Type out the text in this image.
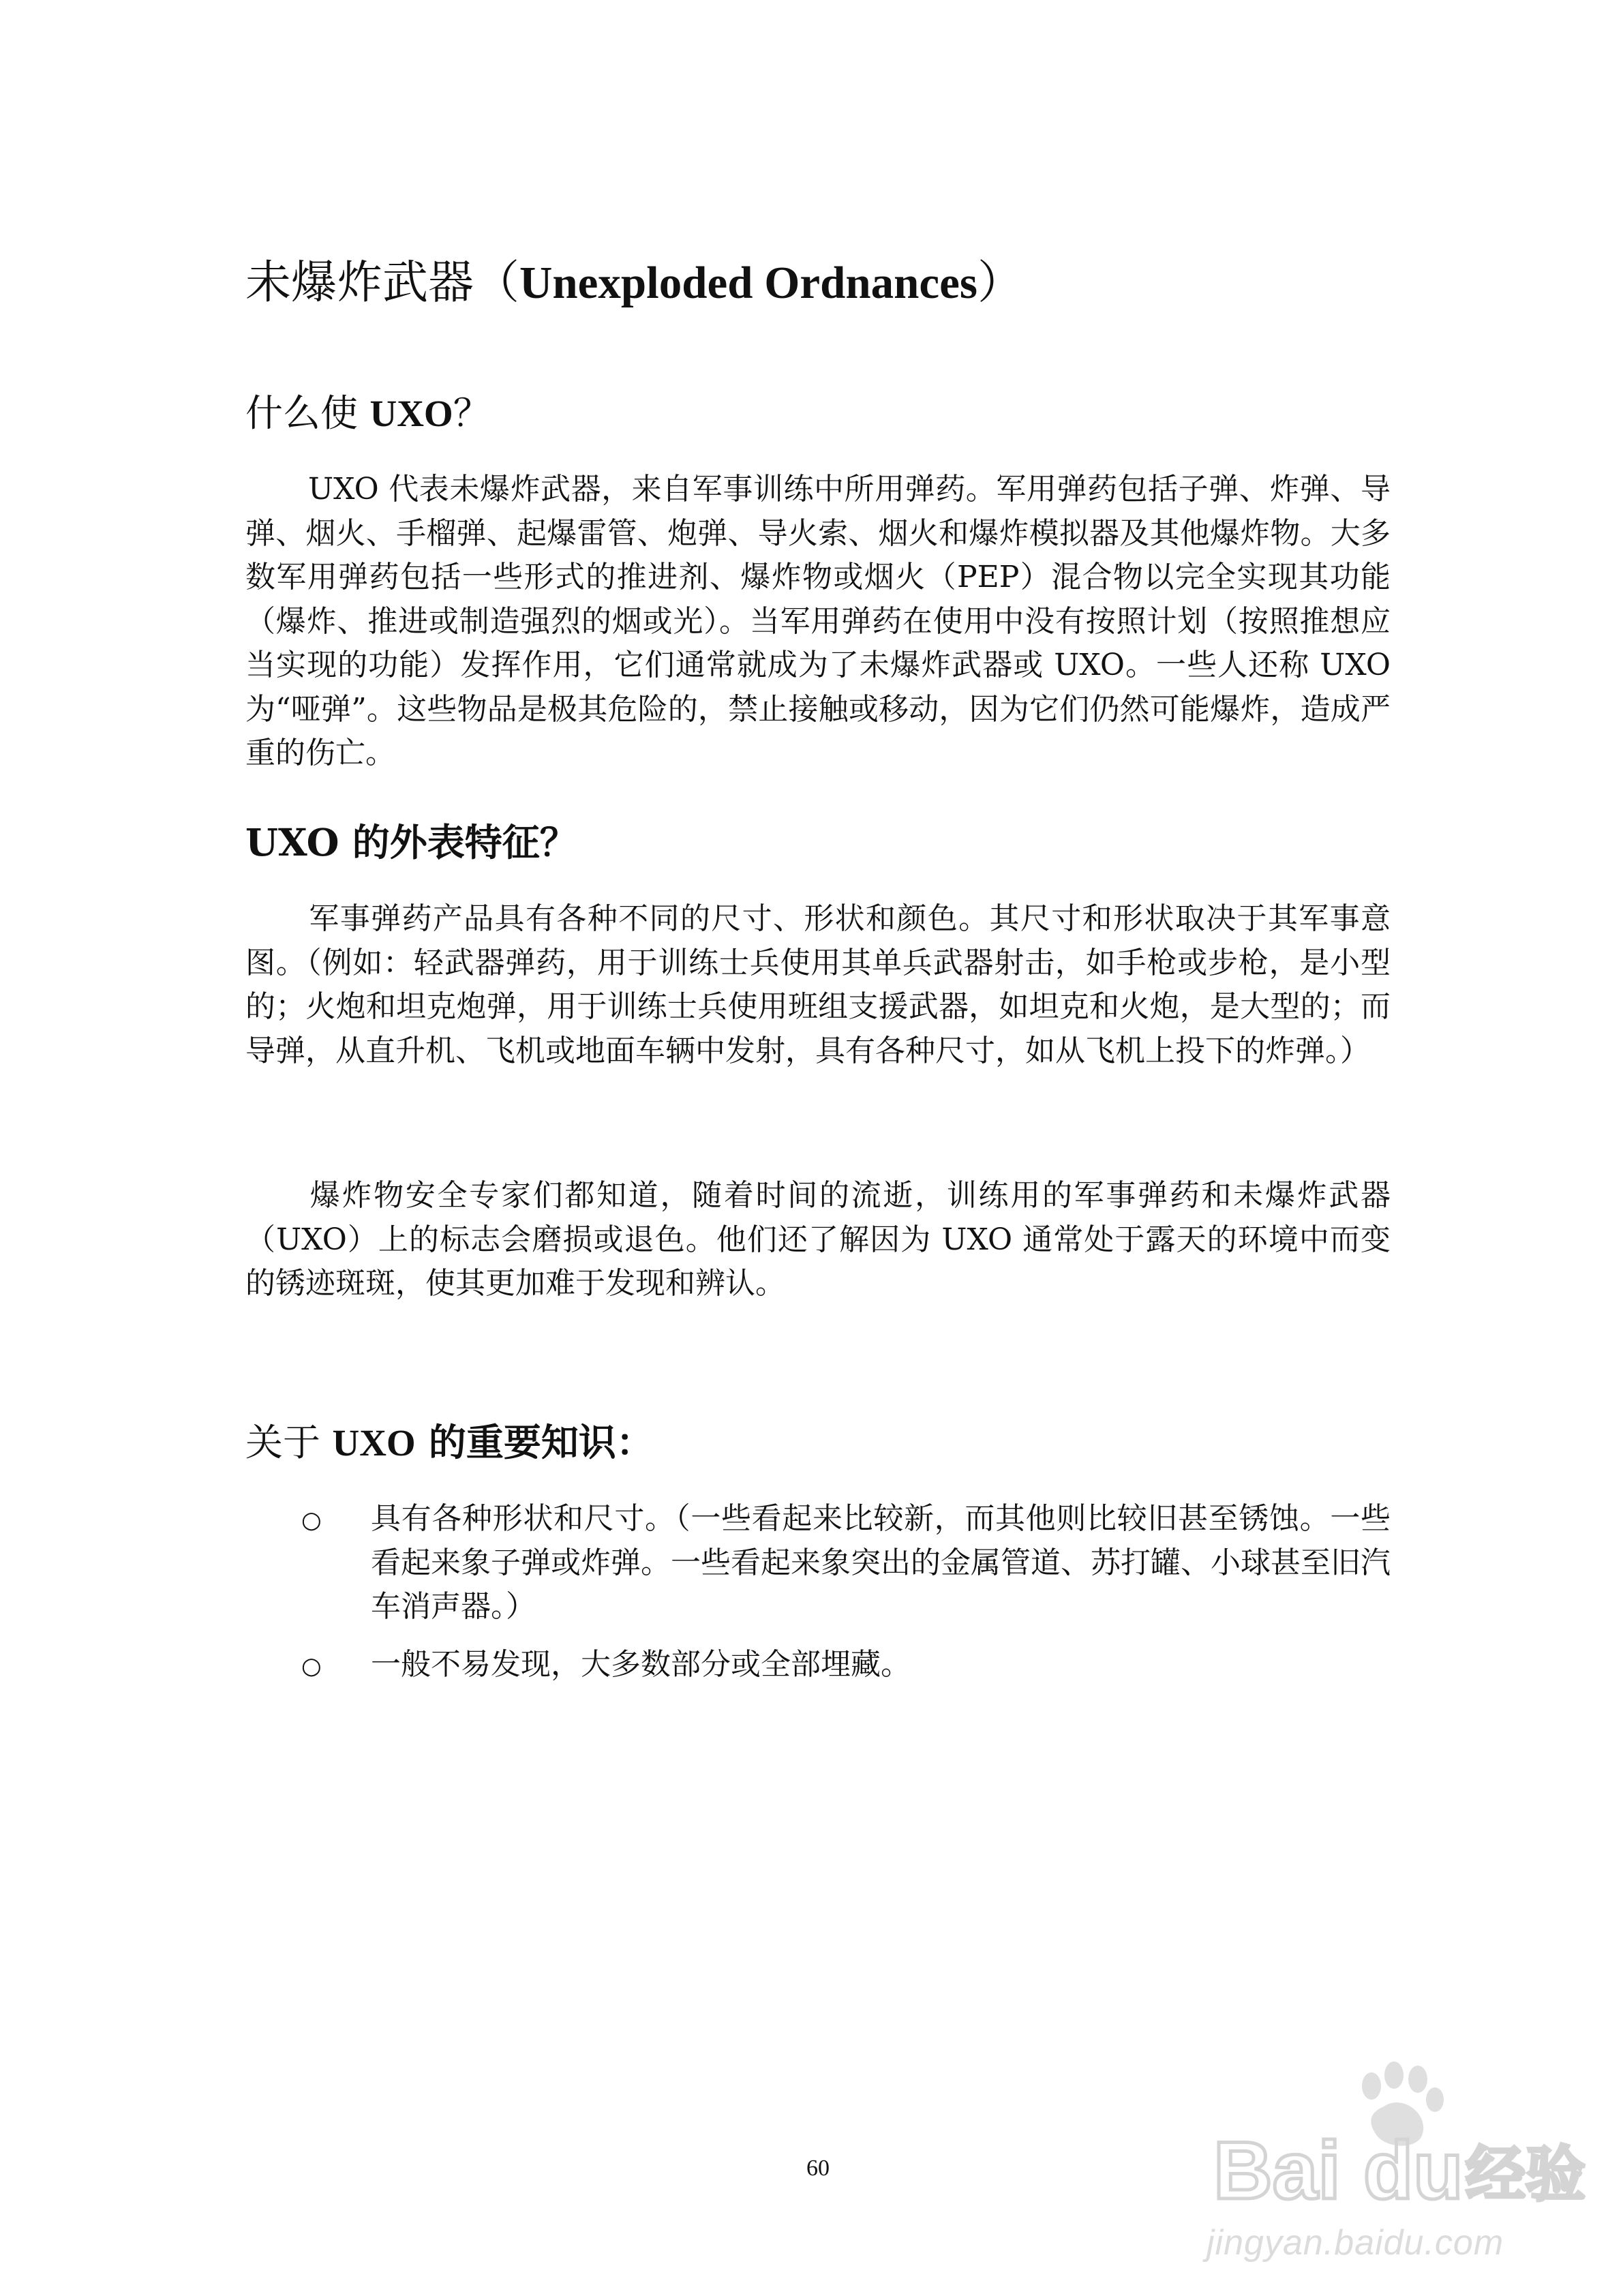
未爆炸武器（Unexploded Ordnances）
什么使 UXO？

UXO 代表未爆炸武器，来自军事训练中所用弹药。军用弹药包括子弹、炸弹、导弹、烟火、手榴弹、起爆雷管、炮弹、导火索、烟火和爆炸模拟器及其他爆炸物。大多数军用弹药包括一些形式的推进剂、爆炸物或烟火（PEP）混合物以完全实现其功能（爆炸、推进或制造强烈的烟或光）。当军用弹药在使用中没有按照计划（按照推想应当实现的功能）发挥作用，它们通常就成为了未爆炸武器或 UXO。一些人还称 UXO 为“哑弹”。这些物品是极其危险的，禁止接触或移动，因为它们仍然可能爆炸，造成严重的伤亡。

UXO 的外表特征？

军事弹药产品具有各种不同的尺寸、形状和颜色。其尺寸和形状取决于其军事意图。（例如：轻武器弹药，用于训练士兵使用其单兵武器射击，如手枪或步枪，是小型的；火炮和坦克炮弹，用于训练士兵使用班组支援武器，如坦克和火炮，是大型的；而导弹，从直升机、飞机或地面车辆中发射，具有各种尺寸，如从飞机上投下的炸弹。）

爆炸物安全专家们都知道，随着时间的流逝，训练用的军事弹药和未爆炸武器（UXO）上的标志会磨损或退色。他们还了解因为 UXO 通常处于露天的环境中而变的锈迹斑斑，使其更加难于发现和辨认。

关于 UXO 的重要知识：
○ 具有各种形状和尺寸。（一些看起来比较新，而其他则比较旧甚至锈蚀。一些看起来象子弹或炸弹。一些看起来象突出的金属管道、苏打罐、小球甚至旧汽车消声器。）
○ 一般不易发现，大多数部分或全部埋藏。
60	Bai du 经验
jingyan.baidu.com
